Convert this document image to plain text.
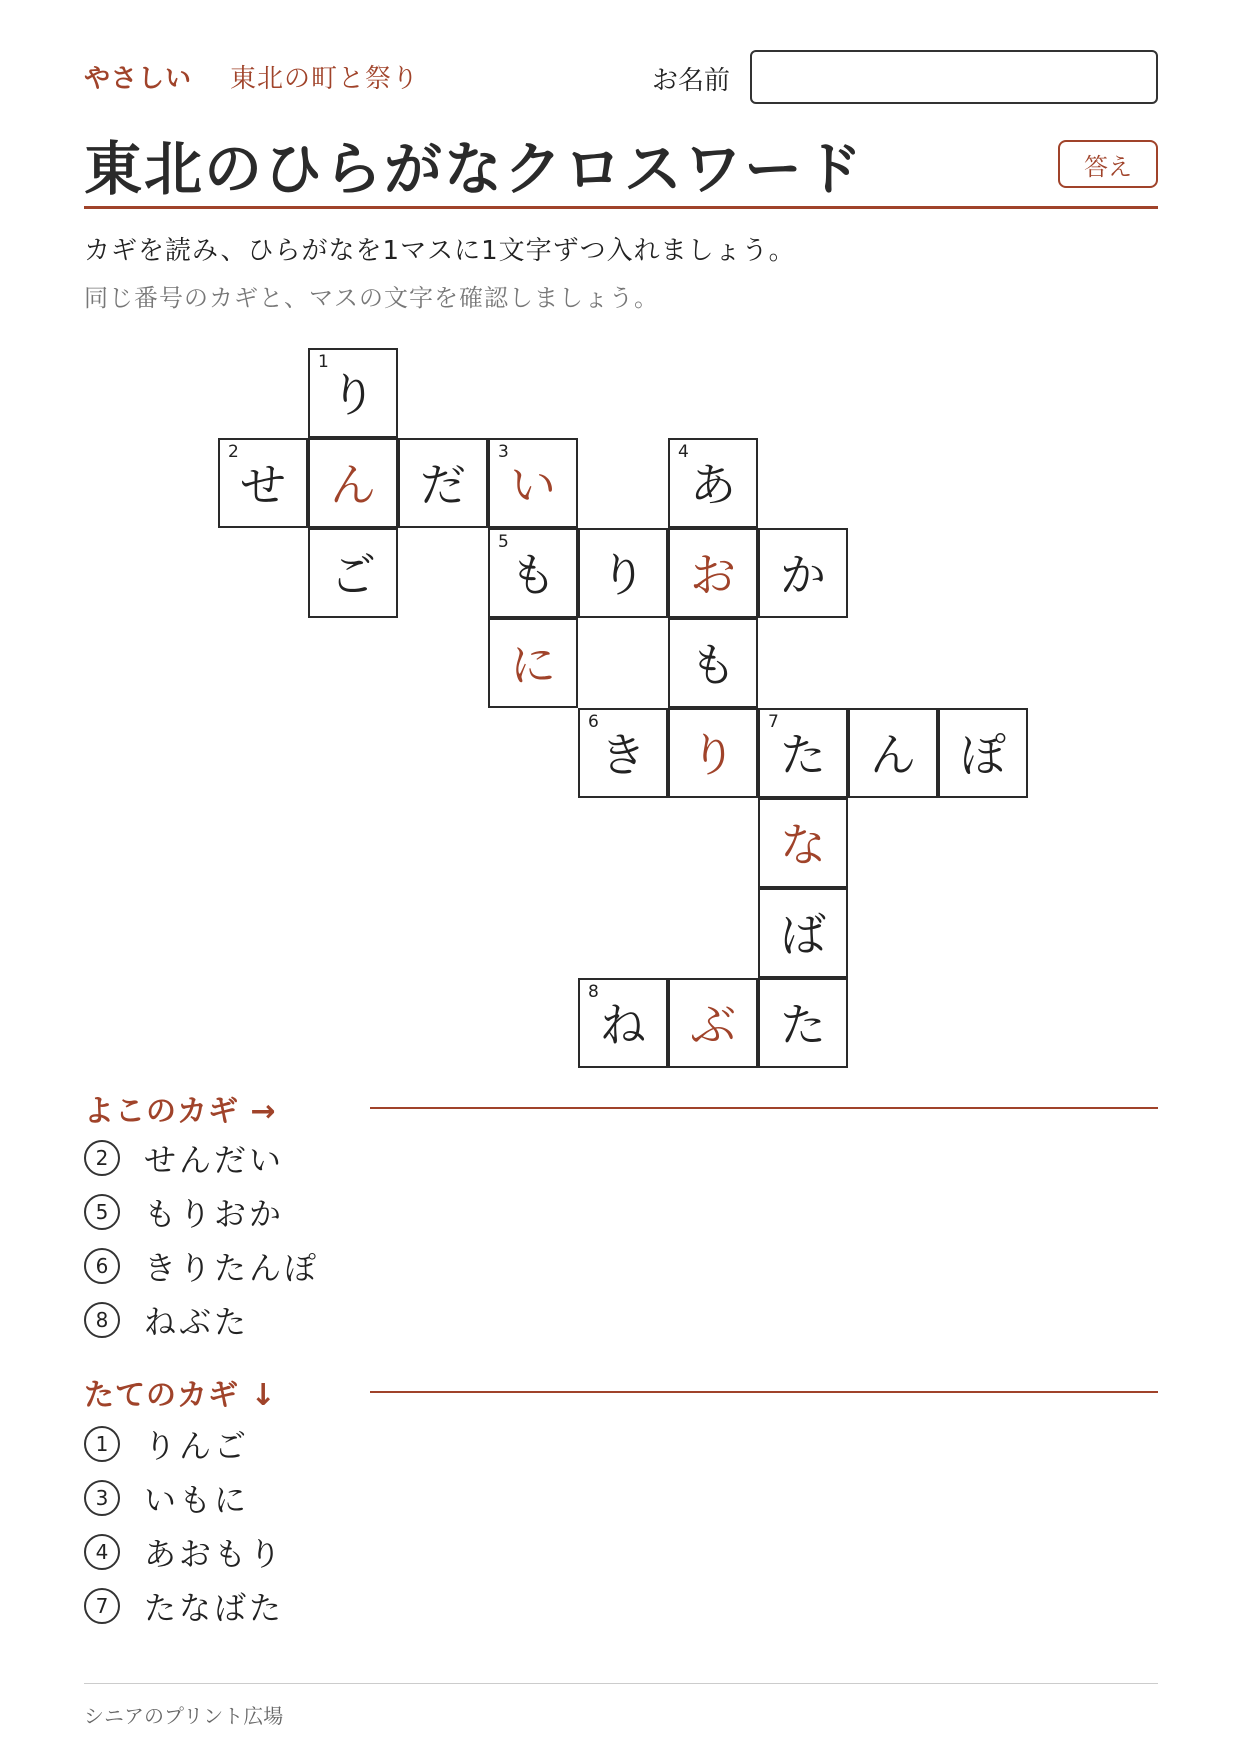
やさしい 東北の町と祭り	お名前
東北のひらがなクロスワード	答え
カギを読み、ひらがなを1マスに1文字ずつ入れましょう。
同じ番号のカギと、マスの文字を確認しましょう。
1
り
2
せ ん だ
3
い
4
あ
ご
5
も り お か
に	も
6
き り
7
た ん ぽ
な
ば
8
ね ぶ た
よこのカギ →
2	せんだい
5	もりおか
6	きりたんぽ
8	ねぶた
たてのカギ ↓
1	りんご
3	いもに
4	あおもり
7	たなばた
シニアのプリント広場
